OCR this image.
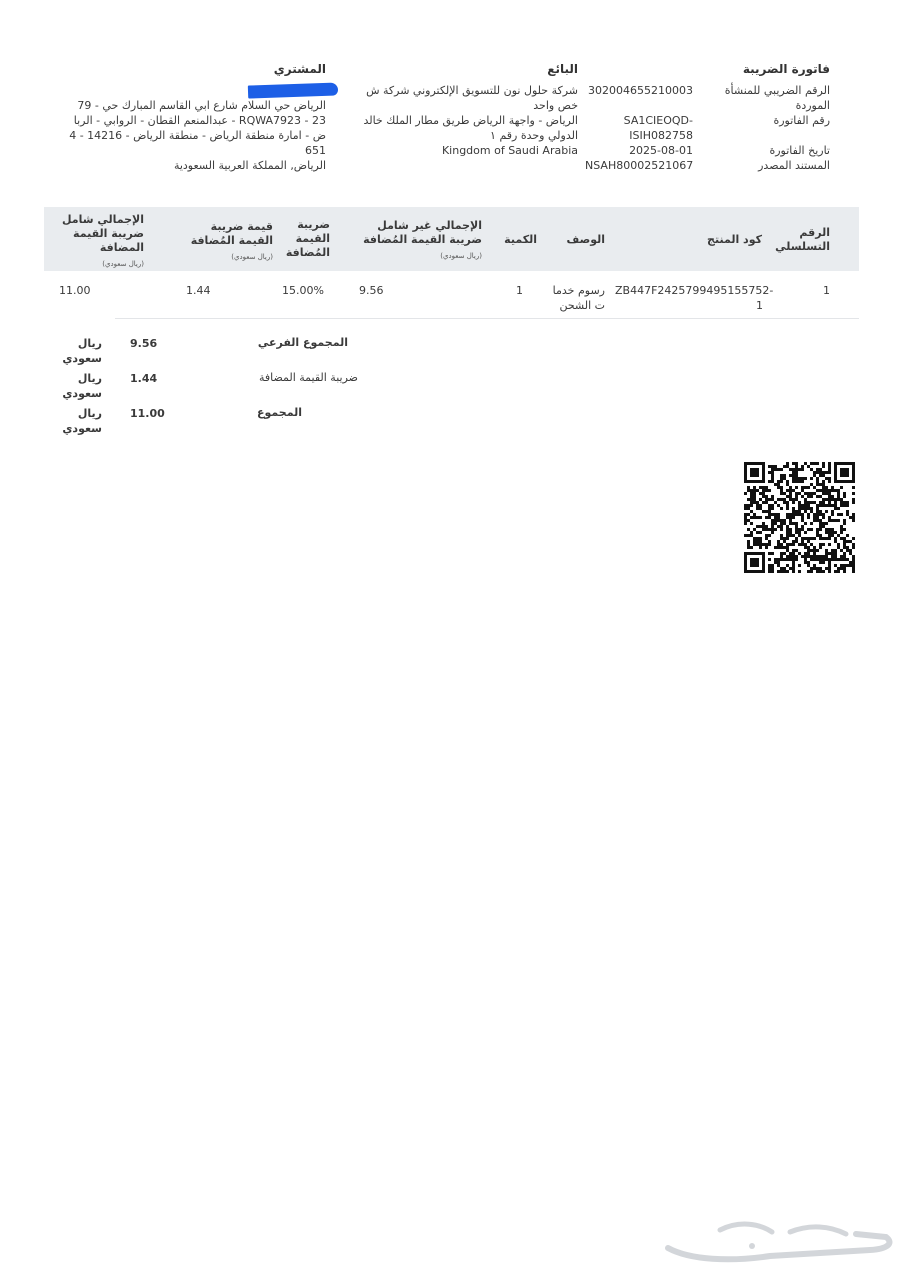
فاتورة الضريبة
الرقم الضريبي للمنشأة الموردة
رقم الفاتورة
تاريخ الفاتورة
المستند المصدر
302004655210003
SA1CIEOQD-
ISIH082758
2025-08-01
NSAH80002521067
البائع
شركة حلول نون للتسويق الإلكتروني شركة ش
خص واحد
الرياض - واجهة الرياض طريق مطار الملك خالد
الدولي وحدة رقم ١
Kingdom of Saudi Arabia
المشتري
الرياض حي السلام شارع ابي القاسم المبارك حي - 79
23 - RQWA7923 - عبدالمنعم القطان - الروابي - الربا
ض - امارة منطقة الرياض - منطقة الرياض - 14216 - 4
651
الرياض, المملكة العربية السعودية
الرقم التسلسلي
كود المنتج
الوصف
الكمية
الإجمالي غير شامل ضريبة القيمة المُضافة
(ريال سعودي)
ضريبة القيمة المُضافة
قيمة ضريبة القيمة المُضافة
(ريال سعودي)
الإجمالي شامل ضريبة القيمة المضافة
(ريال سعودي)
1
ZB447F2425799495155752-
1
رسوم خدما
ت الشحن
1
9.56
15.00%
1.44
11.00
المجموع الفرعي
9.56
ريال سعودي
ضريبة القيمة المضافة
1.44
ريال سعودي
المجموع
11.00
ريال سعودي
